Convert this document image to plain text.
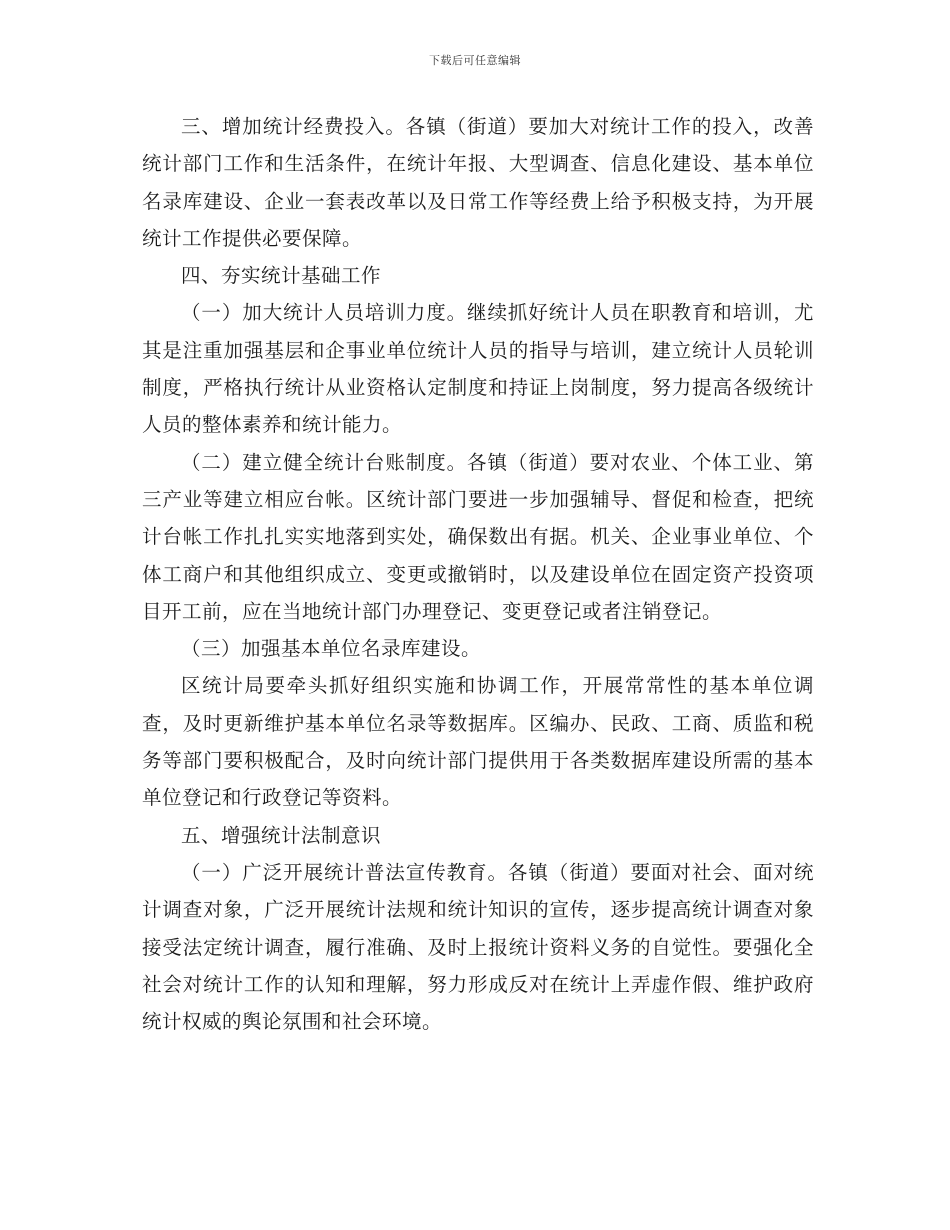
下载后可任意编辑

三、增加统计经费投入。各镇（街道）要加大对统计工作的投入，改善统计部门工作和生活条件，在统计年报、大型调查、信息化建设、基本单位名录库建设、企业一套表改革以及日常工作等经费上给予积极支持，为开展统计工作提供必要保障。

四、夯实统计基础工作

（一）加大统计人员培训力度。继续抓好统计人员在职教育和培训，尤其是注重加强基层和企事业单位统计人员的指导与培训，建立统计人员轮训制度，严格执行统计从业资格认定制度和持证上岗制度，努力提高各级统计人员的整体素养和统计能力。

（二）建立健全统计台账制度。各镇（街道）要对农业、个体工业、第三产业等建立相应台帐。区统计部门要进一步加强辅导、督促和检查，把统计台帐工作扎扎实实地落到实处，确保数出有据。机关、企业事业单位、个体工商户和其他组织成立、变更或撤销时，以及建设单位在固定资产投资项目开工前，应在当地统计部门办理登记、变更登记或者注销登记。

（三）加强基本单位名录库建设。

区统计局要牵头抓好组织实施和协调工作，开展常常性的基本单位调查，及时更新维护基本单位名录等数据库。区编办、民政、工商、质监和税务等部门要积极配合，及时向统计部门提供用于各类数据库建设所需的基本单位登记和行政登记等资料。

五、增强统计法制意识

（一）广泛开展统计普法宣传教育。各镇（街道）要面对社会、面对统计调查对象，广泛开展统计法规和统计知识的宣传，逐步提高统计调查对象接受法定统计调查，履行准确、及时上报统计资料义务的自觉性。要强化全社会对统计工作的认知和理解，努力形成反对在统计上弄虚作假、维护政府统计权威的舆论氛围和社会环境。
